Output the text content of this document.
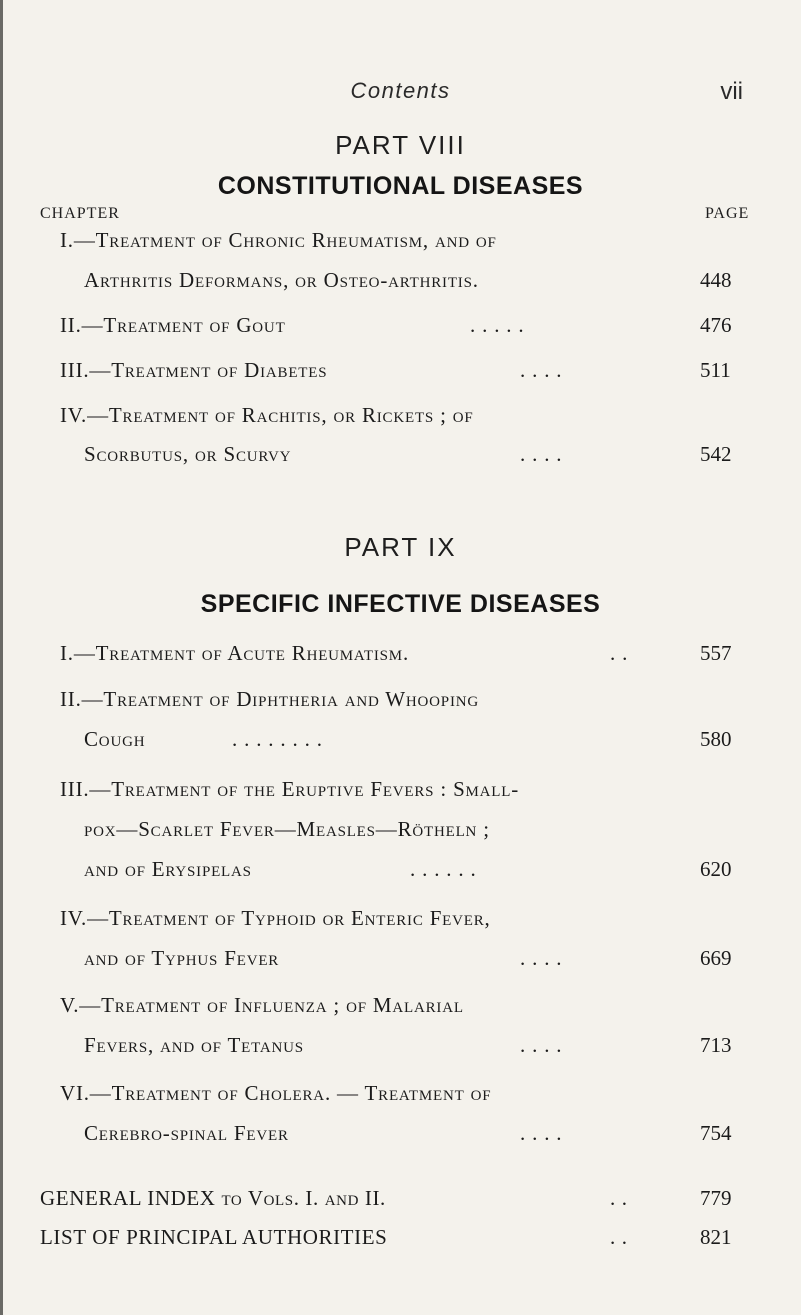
Contents	vii
PART VIII
CONSTITUTIONAL DISEASES
CHAPTER	PAGE
I.—Treatment of Chronic Rheumatism, and of
Arthritis Deformans, or Osteo-arthritis.	448
II.—Treatment of Gout	. . . . .	476
III.—Treatment of Diabetes	. . . .	511
IV.—Treatment of Rachitis, or Rickets ; of
Scorbutus, or Scurvy	. . . .	542
PART IX
SPECIFIC INFECTIVE DISEASES
I.—Treatment of Acute Rheumatism.	. .	557
II.—Treatment of Diphtheria and Whooping
Cough	. . . . . . . .	580
III.—Treatment of the Eruptive Fevers : Small-
pox—Scarlet Fever—Measles—Rötheln ;
and of Erysipelas	. . . . . .	620
IV.—Treatment of Typhoid or Enteric Fever,
and of Typhus Fever	. . . .	669
V.—Treatment of Influenza ; of Malarial
Fevers, and of Tetanus	. . . .	713
VI.—Treatment of Cholera. — Treatment of
Cerebro-spinal Fever	. . . .	754
GENERAL INDEX to Vols. I. and II.	. .	779
LIST OF PRINCIPAL AUTHORITIES	. .	821
